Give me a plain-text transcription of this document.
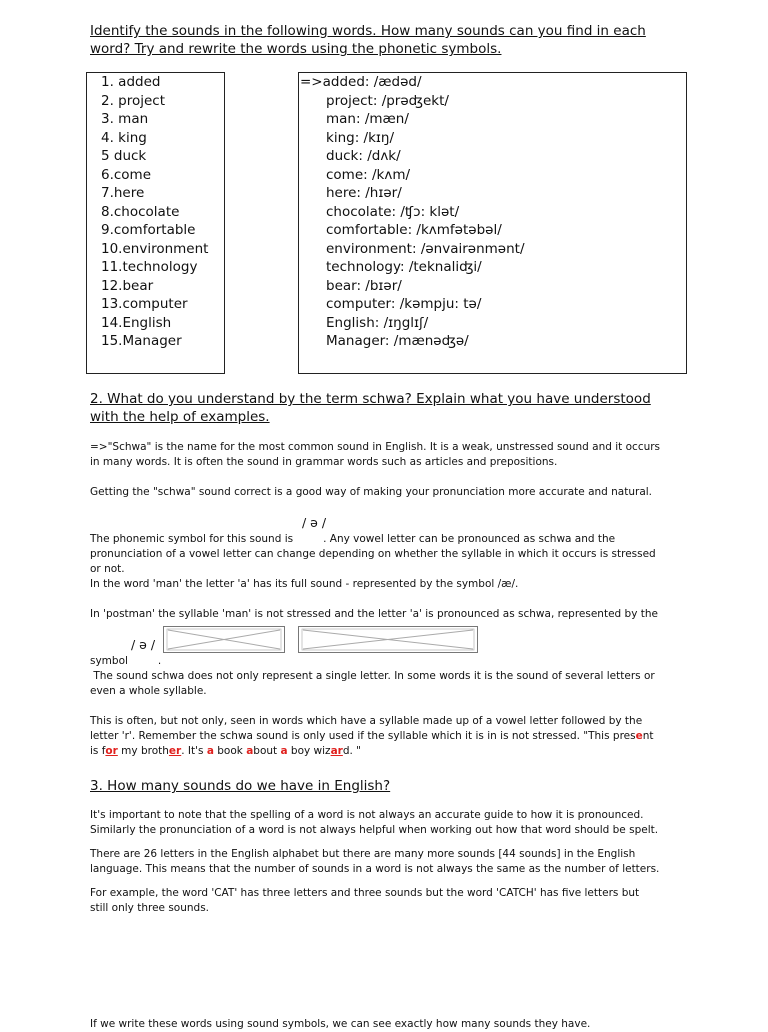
Identify the sounds in the following words. How many sounds can you find in each
word? Try and rewrite the words using the phonetic symbols.
1. added
2. project
3. man
4. king
5 duck
6.come
7.here
8.chocolate
9.comfortable
10.environment
11.technology
12.bear
13.computer
14.English
15.Manager
=>added: /ædəd/
project: /prəʤekt/
man: /mæn/
king: /kɪŋ/
duck: /dʌk/
come: /kʌm/
here: /hɪər/
chocolate: /ʧɔ: klət/
comfortable: /kʌmfətəbəl/
environment: /ənvairənmənt/
technology: /teknaliʤi/
bear: /bɪər/
computer: /kəmpju: tə/
English: /ɪŋglɪʃ/
Manager: /mænəʤə/
2. What do you understand by the term schwa? Explain what you have understood
with the help of examples.
=>"Schwa" is the name for the most common sound in English. It is a weak, unstressed sound and it occurs
in many words. It is often the sound in grammar words such as articles and prepositions.
Getting the "schwa" sound correct is a good way of making your pronunciation more accurate and natural.
/ ə /
The phonemic symbol for this sound is	. Any vowel letter can be pronounced as schwa and the
pronunciation of a vowel letter can change depending on whether the syllable in which it occurs is stressed
or not.
In the word 'man' the letter 'a' has its full sound - represented by the symbol /æ/.
In 'postman' the syllable 'man' is not stressed and the letter 'a' is pronounced as schwa, represented by the
/ ə /
symbol	.
The sound schwa does not only represent a single letter. In some words it is the sound of several letters or
even a whole syllable.
This is often, but not only, seen in words which have a syllable made up of a vowel letter followed by the
letter 'r'. Remember the schwa sound is only used if the syllable which it is in is not stressed. "This present
is for my brother. It's a book about a boy wizard. "
3. How many sounds do we have in English?
It's important to note that the spelling of a word is not always an accurate guide to how it is pronounced.
Similarly the pronunciation of a word is not always helpful when working out how that word should be spelt.
There are 26 letters in the English alphabet but there are many more sounds [44 sounds] in the English
language. This means that the number of sounds in a word is not always the same as the number of letters.
For example, the word 'CAT' has three letters and three sounds but the word 'CATCH' has five letters but
still only three sounds.
If we write these words using sound symbols, we can see exactly how many sounds they have.
